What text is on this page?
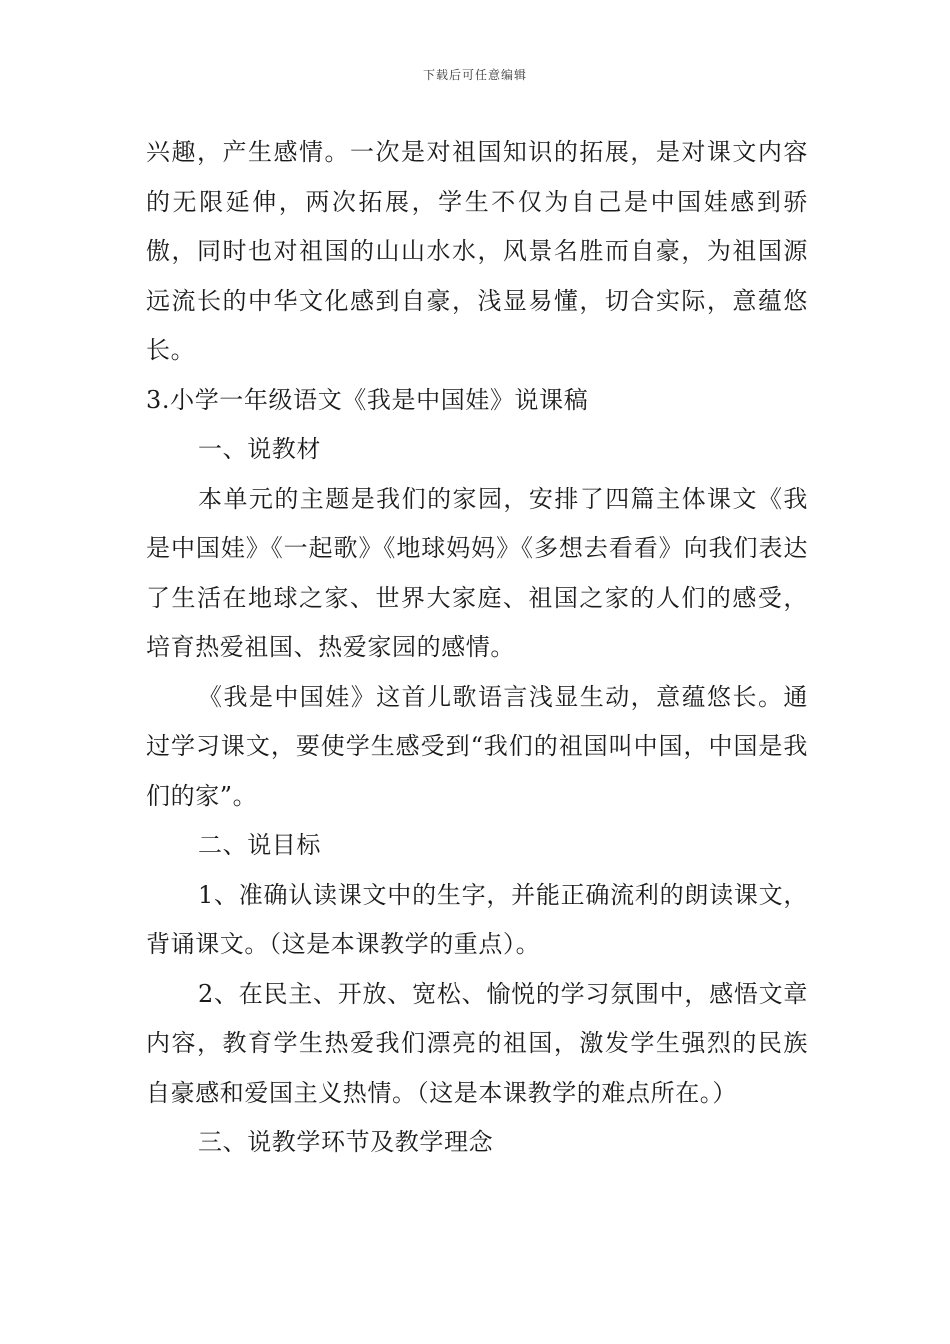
下载后可任意编辑

兴趣，产生感情。一次是对祖国知识的拓展，是对课文内容的无限延伸，两次拓展，学生不仅为自己是中国娃感到骄傲，同时也对祖国的山山水水，风景名胜而自豪，为祖国源远流长的中华文化感到自豪，浅显易懂，切合实际，意蕴悠长。

3.小学一年级语文《我是中国娃》说课稿

一、说教材

本单元的主题是我们的家园，安排了四篇主体课文《我是中国娃》《一起歌》《地球妈妈》《多想去看看》向我们表达了生活在地球之家、世界大家庭、祖国之家的人们的感受，培育热爱祖国、热爱家园的感情。

《我是中国娃》这首儿歌语言浅显生动，意蕴悠长。通过学习课文，要使学生感受到“我们的祖国叫中国，中国是我们的家”。

二、说目标

1、准确认读课文中的生字，并能正确流利的朗读课文，背诵课文。（这是本课教学的重点）。

2、在民主、开放、宽松、愉悦的学习氛围中，感悟文章内容，教育学生热爱我们漂亮的祖国，激发学生强烈的民族自豪感和爱国主义热情。（这是本课教学的难点所在。）

三、说教学环节及教学理念
